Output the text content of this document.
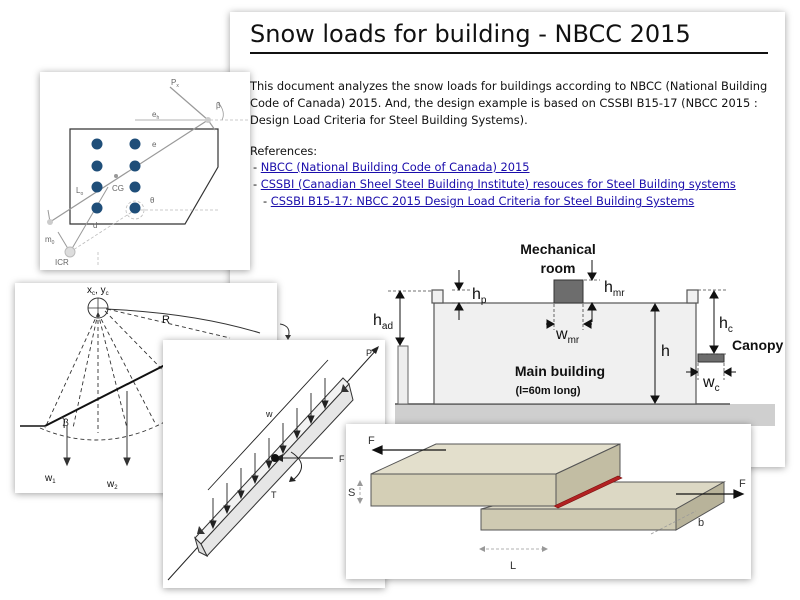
Snow loads for building - NBCC 2015

This document analyzes the snow loads for buildings according to NBCC (National Building Code of Canada) 2015. And, the design example is based on CSSBI B15-17 (NBCC 2015 : Design Load Criteria for Steel Building Systems).

References:

- NBCC (National Building Code of Canada) 2015
- CSSBI (Canadian Sheel Steel Building Institute) resouces for Steel Building systems
- CSSBI B15-17: NBCC 2015 Design Load Criteria for Steel Building Systems
Mechanical
room
Main building
(l=60m long)
Canopy
$h_p$
$h_{mr}$
$w_{mr}$
$h_{ad}$
h
$h_c$
$w_c$
$P_x$
β
$e_h$
e
CG
θ
d
$L_o$
$m_0$
ICR
$x_c$, $y_c$
R
β
$w_1$	$w_2$
w
F
T
P
F
F
S
b
L
